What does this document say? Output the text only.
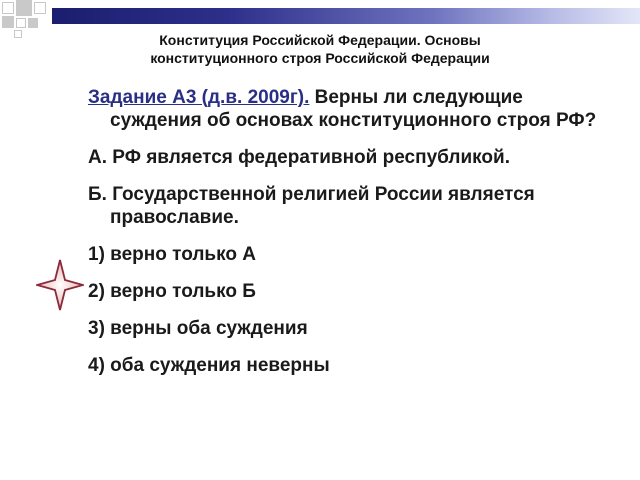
Конституция Российской Федерации. Основы
конституционного строя Российской Федерации

Задание А3 (д.в. 2009г). Верны ли следующие суждения об основах конституционного строя РФ?

А. РФ является федеративной республикой.

Б. Государственной религией России является православие.

1) верно только А

2) верно только Б

3) верны оба суждения

4) оба суждения неверны
